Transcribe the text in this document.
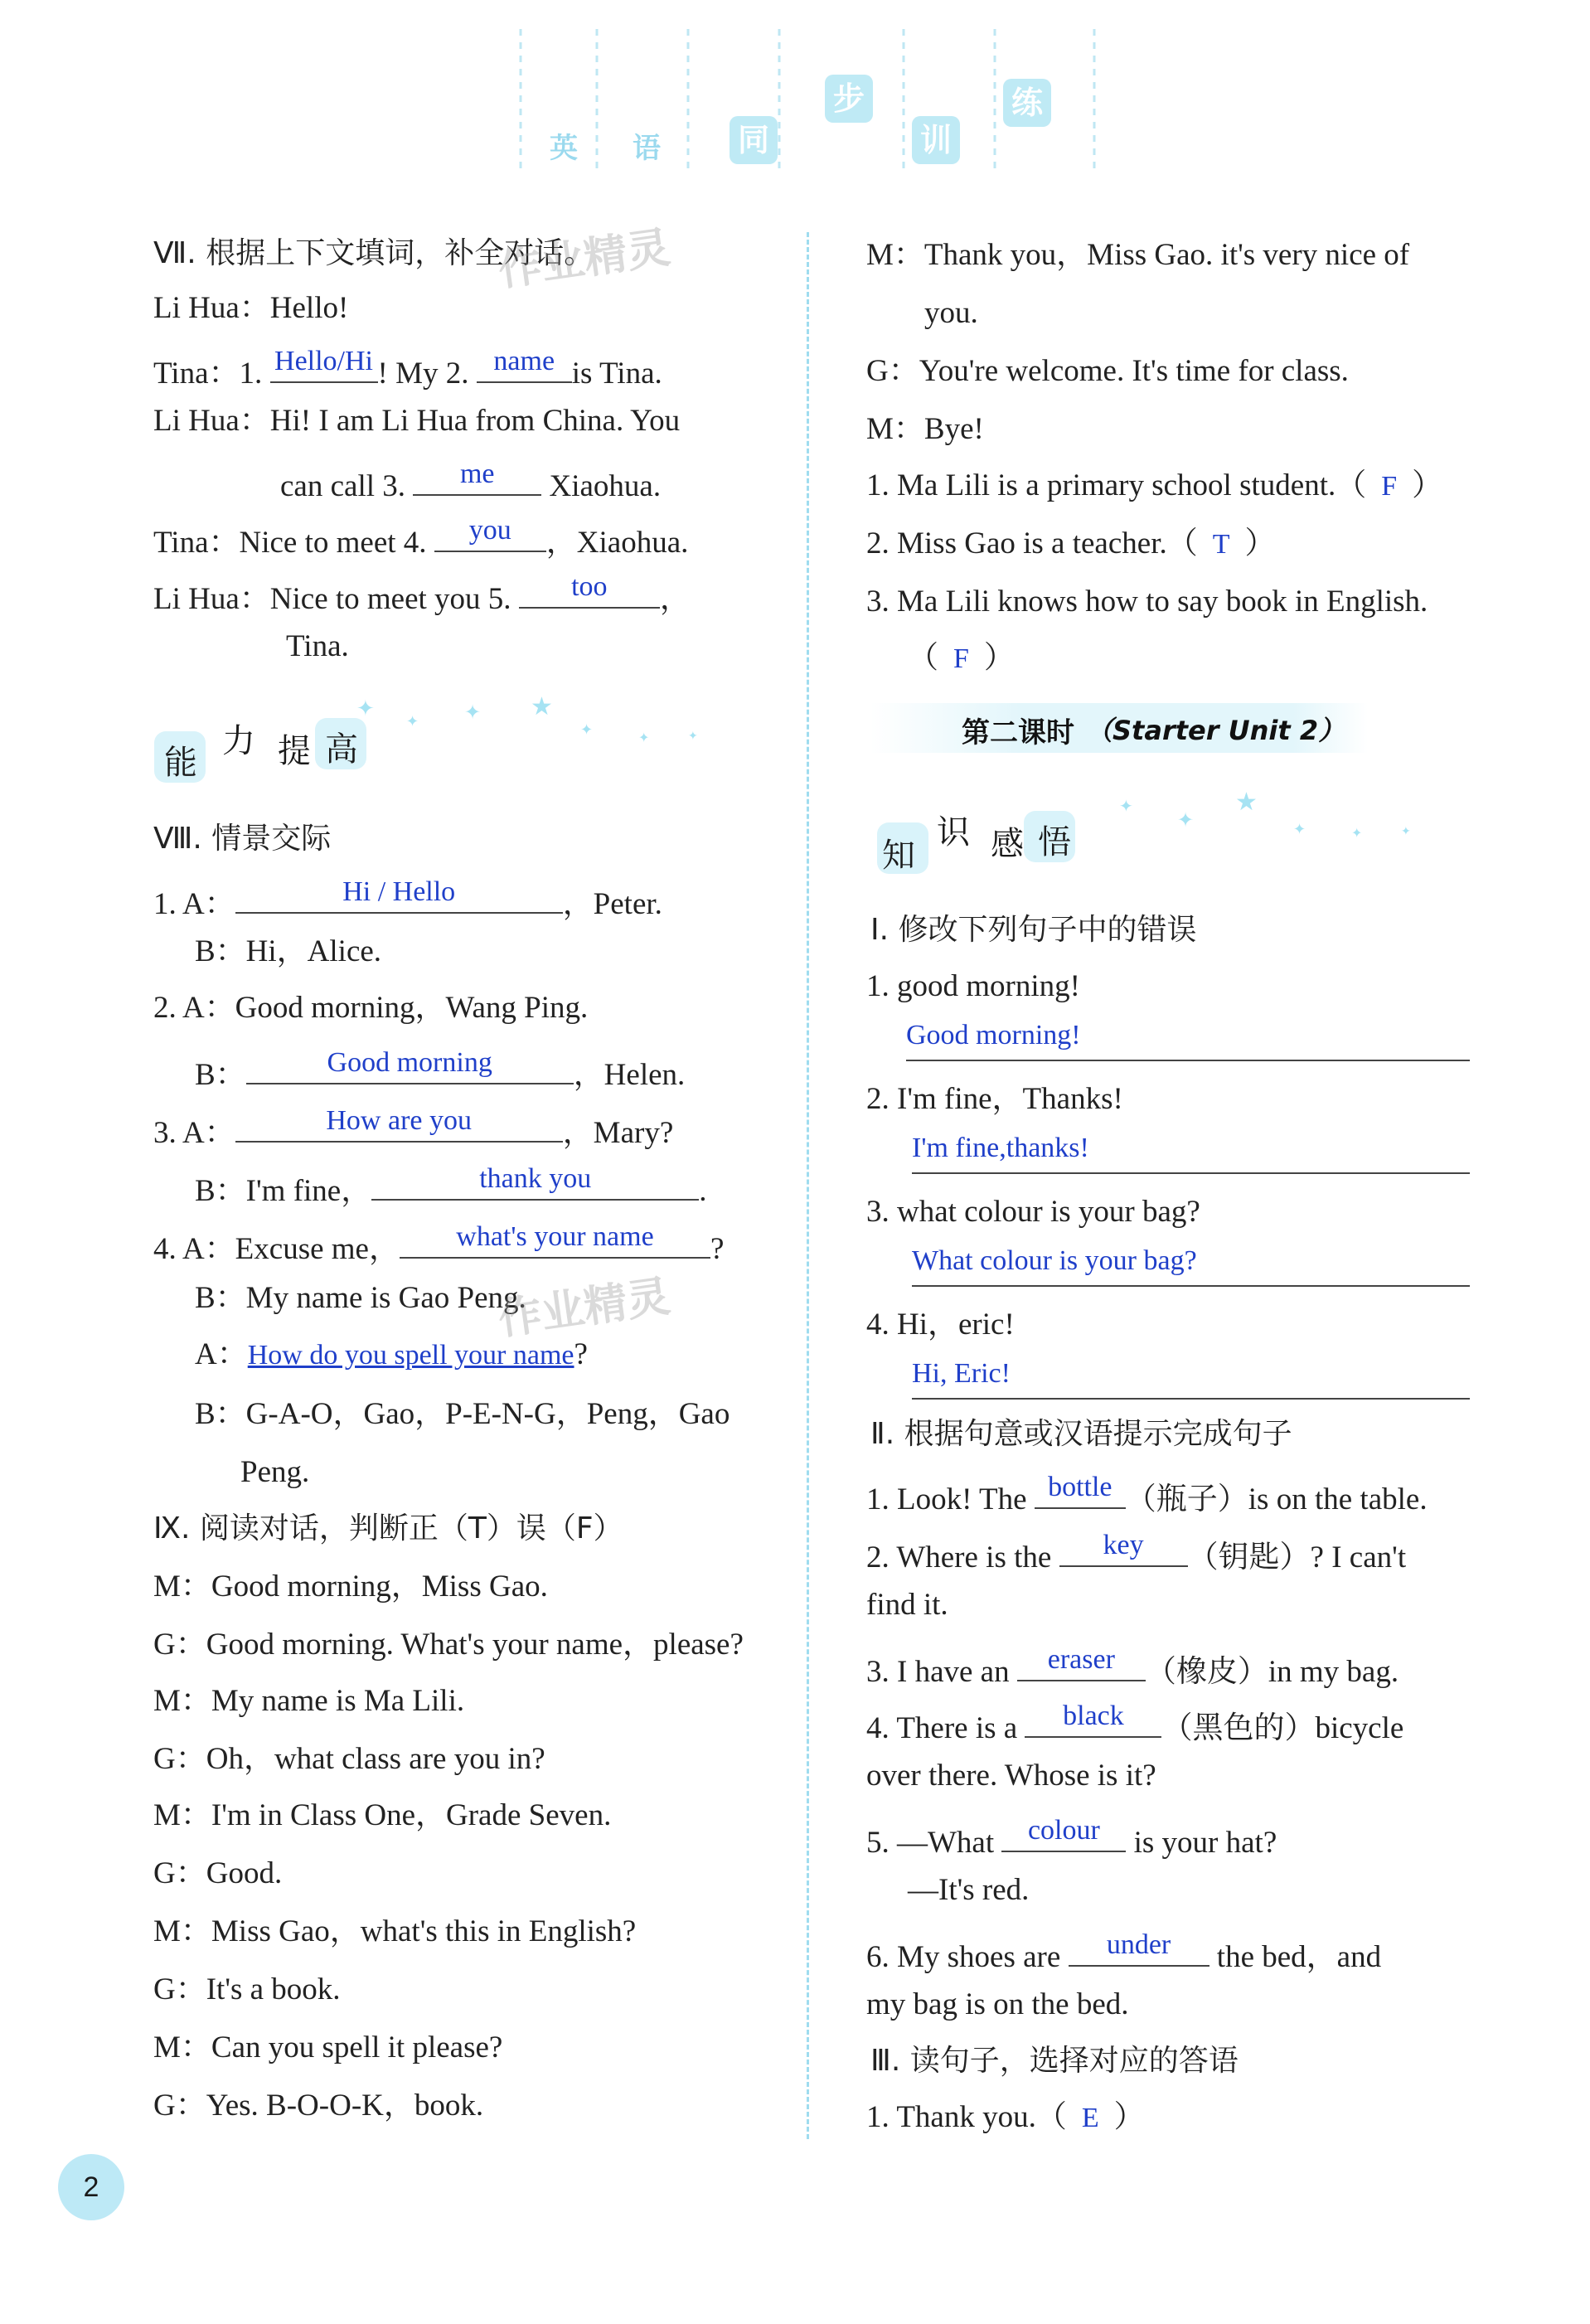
英 语 同
步
训
练
Ⅶ. 根据上下文填词，补全对话。
Li Hua：Hello!
Tina：1. Hello/Hi ! My 2. name is Tina.
Li Hua：Hi! I am Li Hua from China. You
can call 3.	me	Xiaohua.
Tina：Nice to meet 4.	you	，Xiaohua.
Li Hua：Nice to meet you 5.	too	，
Tina.
能
力 提 高
✦
✦ ✦ ★
✦	✦	✦
Ⅷ. 情景交际
1. A：	Hi / Hello	，Peter.
B：Hi，Alice.
2. A：Good morning，Wang Ping.
B：	Good morning	，Helen.
3. A：	How are you	，Mary?
B：I'm fine，	thank you	.
4. A：Excuse me，	what's your name	?
B：My name is Gao Peng.
A：How do you spell your name?
B：G-A-O，Gao，P-E-N-G，Peng，Gao
Peng.
Ⅸ. 阅读对话，判断正（T）误（F）
M：Good morning，Miss Gao.
G：Good morning. What's your name，please?
M：My name is Ma Lili.
G：Oh，what class are you in?
M：I'm in Class One，Grade Seven.
G：Good.
M：Miss Gao，what's this in English?
G：It's a book.
M：Can you spell it please?
G：Yes. B-O-O-K，book.
M：Thank you，Miss Gao. it's very nice of
you.
G：You're welcome. It's time for class.
M：Bye!
1. Ma Lili is a primary school student.（ F ）
2. Miss Gao is a teacher.（ T ）
3. Ma Lili knows how to say book in English.
（ F ）
第二课时 （Starter Unit 2）
知
识 感 悟
✦
✦
★
✦	✦	✦
Ⅰ. 修改下列句子中的错误
1. good morning!
Good morning!
2. I'm fine，Thanks!
I'm fine,thanks!
3. what colour is your bag?
What colour is your bag?
4. Hi，eric!
Hi, Eric!
Ⅱ. 根据句意或汉语提示完成句子
1. Look! The bottle （瓶子）is on the table.
2. Where is the	key	（钥匙）? I can't
find it.
3. I have an	eraser （橡皮）in my bag.
4. There is a	black	（黑色的）bicycle
over there. Whose is it?
5. —What colour is your hat?
—It's red.
6. My shoes are	under	the bed，and
my bag is on the bed.
Ⅲ. 读句子，选择对应的答语
1. Thank you.（ E ）
作业精灵
作业精灵
2
